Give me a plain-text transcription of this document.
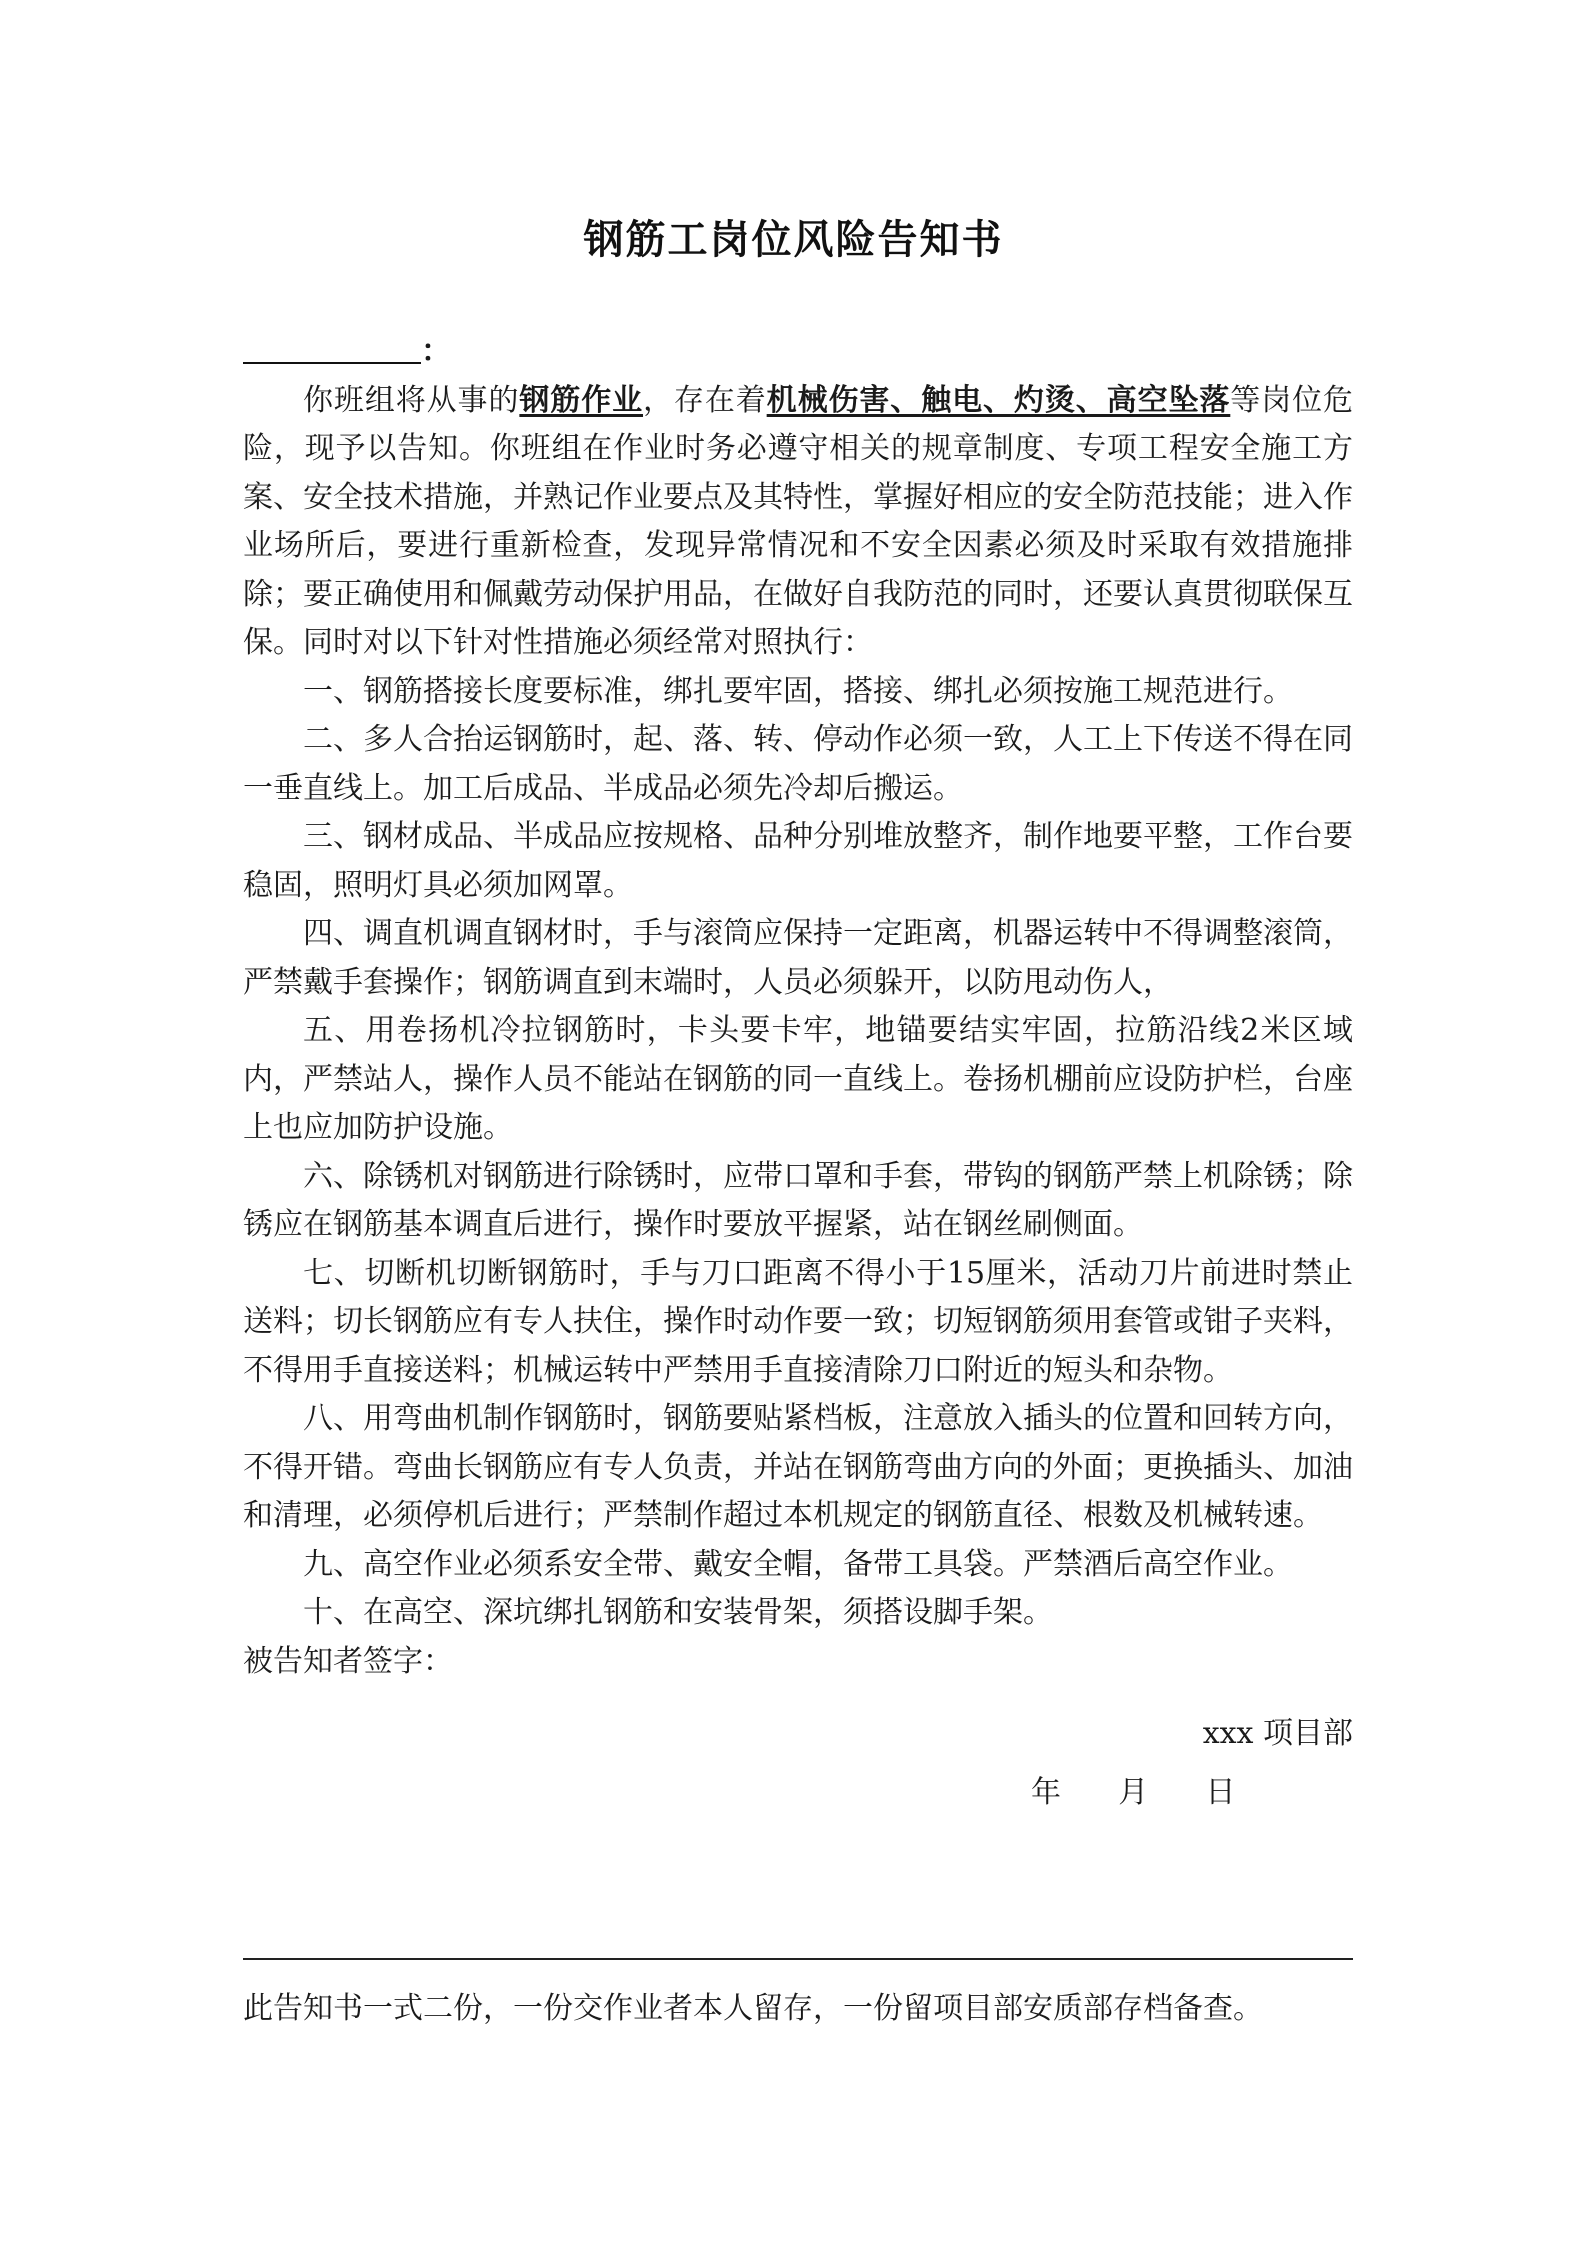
钢筋工岗位风险告知书
：

你班组将从事的钢筋作业，存在着机械伤害、触电、灼烫、高空坠落等岗位危险，现予以告知。你班组在作业时务必遵守相关的规章制度、专项工程安全施工方案、安全技术措施，并熟记作业要点及其特性，掌握好相应的安全防范技能；进入作业场所后，要进行重新检查，发现异常情况和不安全因素必须及时采取有效措施排除；要正确使用和佩戴劳动保护用品，在做好自我防范的同时，还要认真贯彻联保互保。同时对以下针对性措施必须经常对照执行：

一、钢筋搭接长度要标准，绑扎要牢固，搭接、绑扎必须按施工规范进行。

二、多人合抬运钢筋时，起、落、转、停动作必须一致，人工上下传送不得在同一垂直线上。加工后成品、半成品必须先冷却后搬运。

三、钢材成品、半成品应按规格、品种分别堆放整齐，制作地要平整，工作台要稳固，照明灯具必须加网罩。

四、调直机调直钢材时，手与滚筒应保持一定距离，机器运转中不得调整滚筒，严禁戴手套操作；钢筋调直到末端时，人员必须躲开，以防甩动伤人，

五、用卷扬机冷拉钢筋时，卡头要卡牢，地锚要结实牢固，拉筋沿线2米区域内，严禁站人，操作人员不能站在钢筋的同一直线上。卷扬机棚前应设防护栏，台座上也应加防护设施。

六、除锈机对钢筋进行除锈时，应带口罩和手套，带钩的钢筋严禁上机除锈；除锈应在钢筋基本调直后进行，操作时要放平握紧，站在钢丝刷侧面。

七、切断机切断钢筋时，手与刀口距离不得小于15厘米，活动刀片前进时禁止送料；切长钢筋应有专人扶住，操作时动作要一致；切短钢筋须用套管或钳子夹料，不得用手直接送料；机械运转中严禁用手直接清除刀口附近的短头和杂物。

八、用弯曲机制作钢筋时，钢筋要贴紧档板，注意放入插头的位置和回转方向，不得开错。弯曲长钢筋应有专人负责，并站在钢筋弯曲方向的外面；更换插头、加油和清理，必须停机后进行；严禁制作超过本机规定的钢筋直径、根数及机械转速。

九、高空作业必须系安全带、戴安全帽，备带工具袋。严禁酒后高空作业。

十、在高空、深坑绑扎钢筋和安装骨架，须搭设脚手架。

被告知者签字：

xxx 项目部

年 月 日

此告知书一式二份，一份交作业者本人留存，一份留项目部安质部存档备查。
